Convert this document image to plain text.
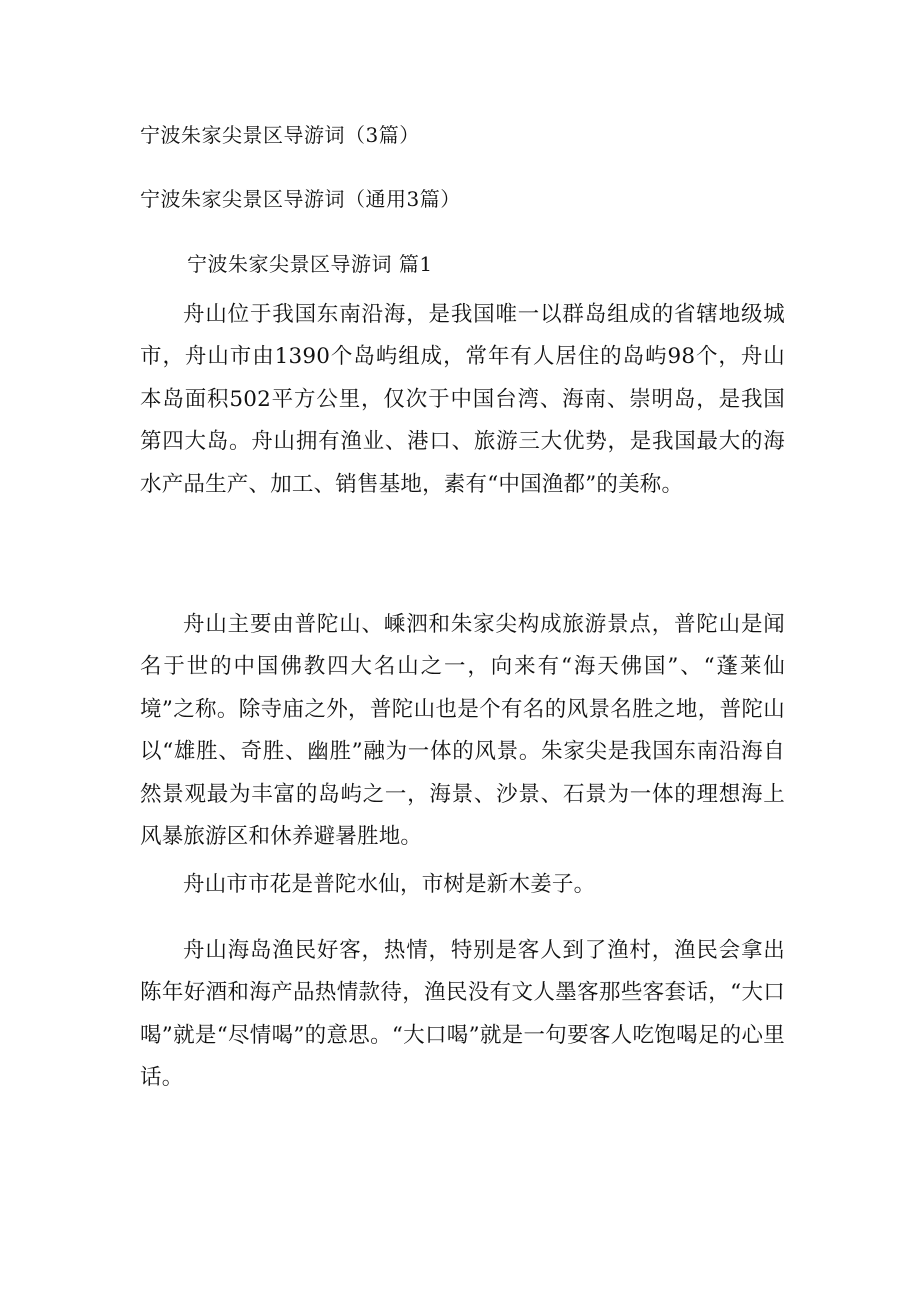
宁波朱家尖景区导游词（3篇）
宁波朱家尖景区导游词（通用3篇）
宁波朱家尖景区导游词 篇1

舟山位于我国东南沿海，是我国唯一以群岛组成的省辖地级城市，舟山市由1390个岛屿组成，常年有人居住的岛屿98个，舟山本岛面积502平方公里，仅次于中国台湾、海南、崇明岛，是我国第四大岛。舟山拥有渔业、港口、旅游三大优势，是我国最大的海水产品生产、加工、销售基地，素有“中国渔都”的美称。

舟山主要由普陀山、嵊泗和朱家尖构成旅游景点，普陀山是闻名于世的中国佛教四大名山之一，向来有“海天佛国”、“蓬莱仙境”之称。除寺庙之外，普陀山也是个有名的风景名胜之地，普陀山以“雄胜、奇胜、幽胜”融为一体的风景。朱家尖是我国东南沿海自然景观最为丰富的岛屿之一，海景、沙景、石景为一体的理想海上风暴旅游区和休养避暑胜地。

舟山市市花是普陀水仙，市树是新木姜子。

舟山海岛渔民好客，热情，特别是客人到了渔村，渔民会拿出陈年好酒和海产品热情款待，渔民没有文人墨客那些客套话，“大口喝”就是“尽情喝”的意思。“大口喝”就是一句要客人吃饱喝足的心里话。
